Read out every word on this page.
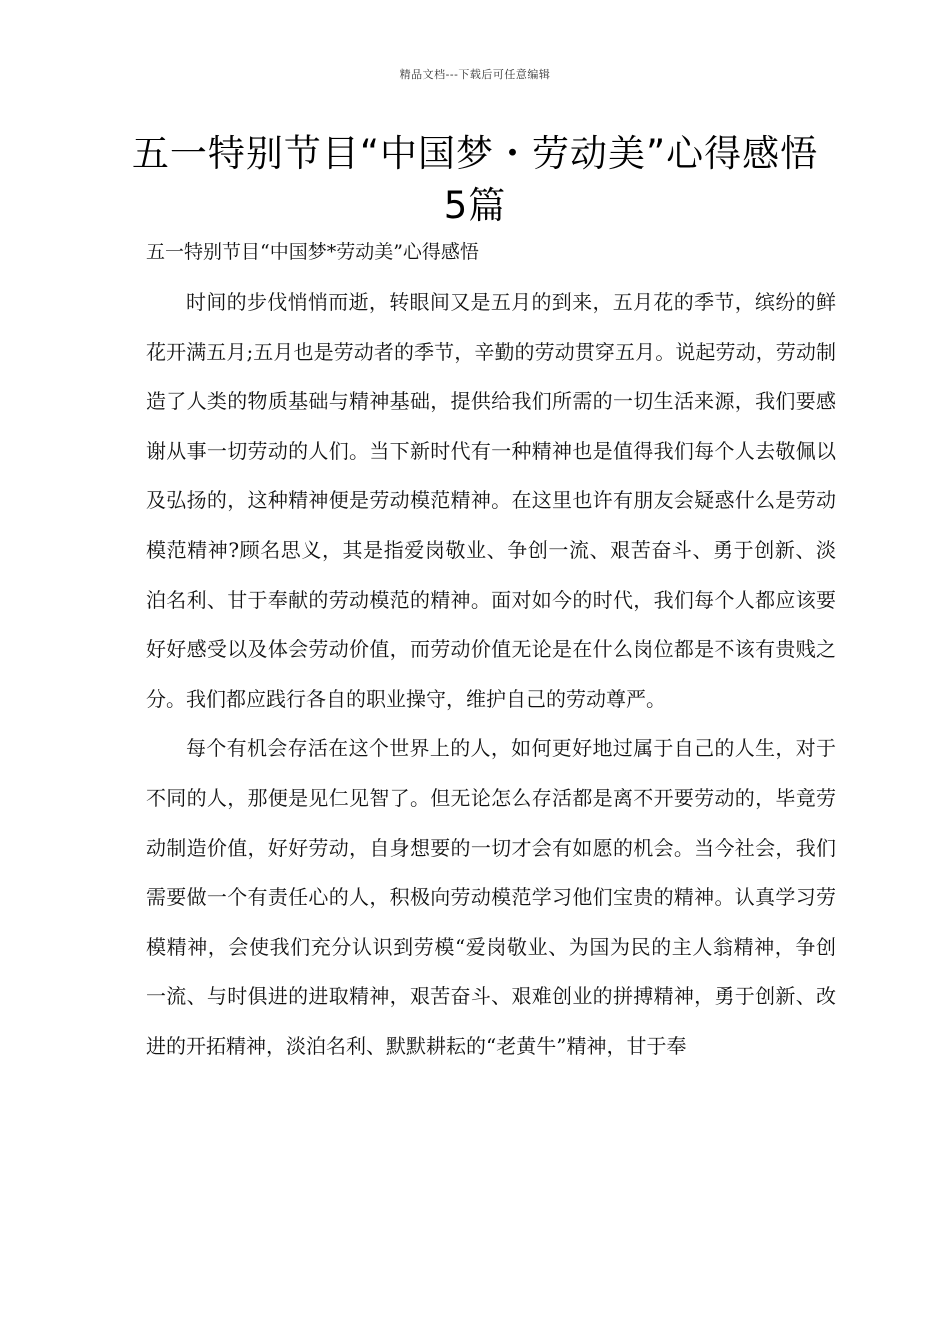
精品文档---下载后可任意编辑
五一特别节目“中国梦・劳动美”心得感悟5篇

五一特别节目“中国梦*劳动美”心得感悟

时间的步伐悄悄而逝，转眼间又是五月的到来，五月花的季节，缤纷的鲜花开满五月;五月也是劳动者的季节，辛勤的劳动贯穿五月。说起劳动，劳动制造了人类的物质基础与精神基础，提供给我们所需的一切生活来源，我们要感谢从事一切劳动的人们。当下新时代有一种精神也是值得我们每个人去敬佩以及弘扬的，这种精神便是劳动模范精神。在这里也许有朋友会疑惑什么是劳动模范精神?顾名思义，其是指爱岗敬业、争创一流、艰苦奋斗、勇于创新、淡泊名利、甘于奉献的劳动模范的精神。面对如今的时代，我们每个人都应该要好好感受以及体会劳动价值，而劳动价值无论是在什么岗位都是不该有贵贱之分。我们都应践行各自的职业操守，维护自己的劳动尊严。

每个有机会存活在这个世界上的人，如何更好地过属于自己的人生，对于不同的人，那便是见仁见智了。但无论怎么存活都是离不开要劳动的，毕竟劳动制造价值，好好劳动，自身想要的一切才会有如愿的机会。当今社会，我们需要做一个有责任心的人，积极向劳动模范学习他们宝贵的精神。认真学习劳模精神，会使我们充分认识到劳模“爱岗敬业、为国为民的主人翁精神，争创一流、与时俱进的进取精神，艰苦奋斗、艰难创业的拼搏精神，勇于创新、改进的开拓精神，淡泊名利、默默耕耘的“老黄牛”精神，甘于奉
